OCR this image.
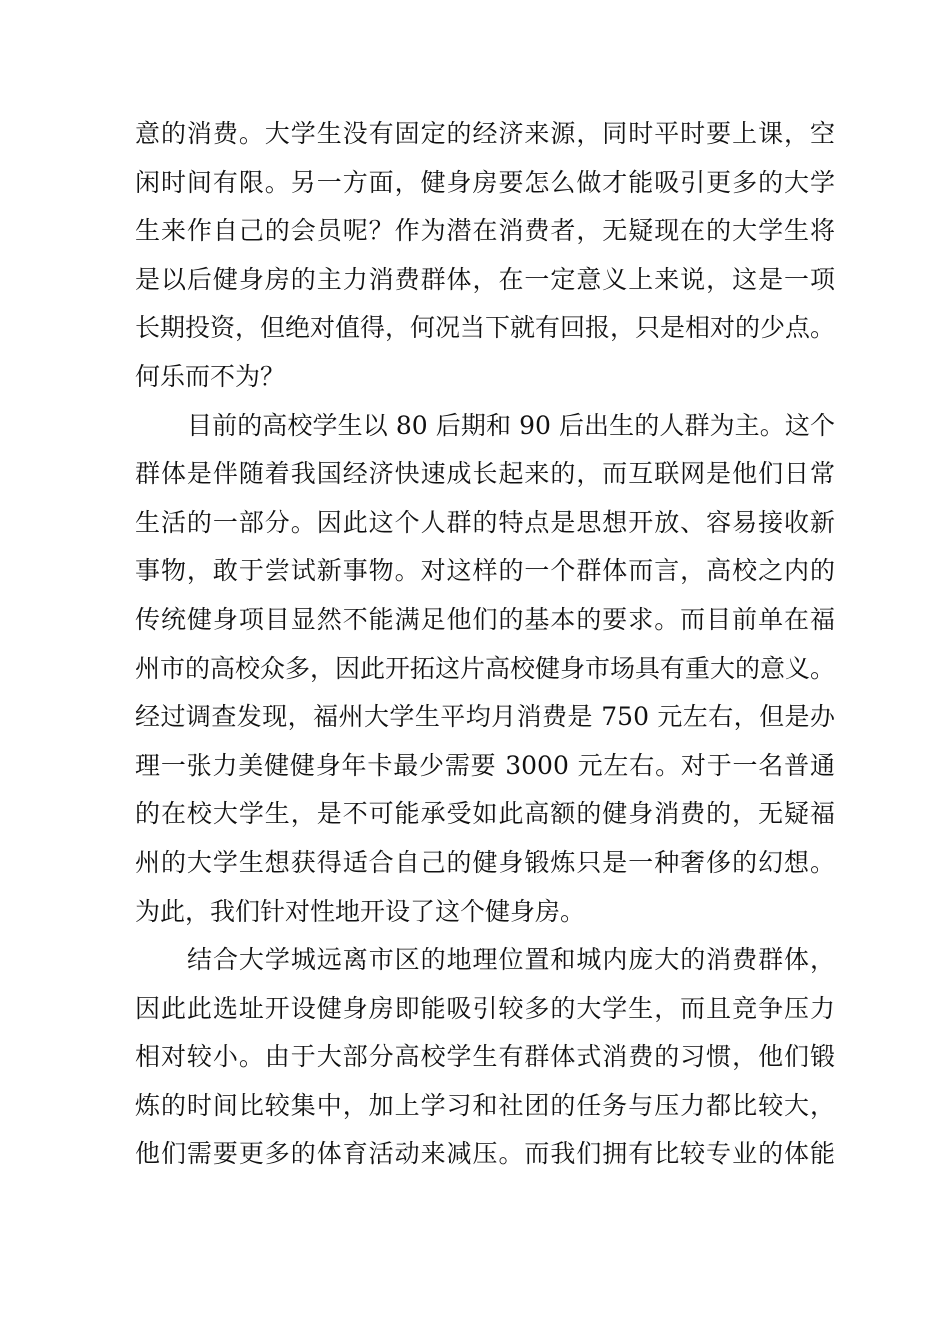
意的消费。大学生没有固定的经济来源，同时平时要上课，空
闲时间有限。另一方面，健身房要怎么做才能吸引更多的大学
生来作自己的会员呢？作为潜在消费者，无疑现在的大学生将
是以后健身房的主力消费群体，在一定意义上来说，这是一项
长期投资，但绝对值得，何况当下就有回报，只是相对的少点。
何乐而不为？
目前的高校学生以 80 后期和 90 后出生的人群为主。这个
群体是伴随着我国经济快速成长起来的，而互联网是他们日常
生活的一部分。因此这个人群的特点是思想开放、容易接收新
事物，敢于尝试新事物。对这样的一个群体而言，高校之内的
传统健身项目显然不能满足他们的基本的要求。而目前单在福
州市的高校众多，因此开拓这片高校健身市场具有重大的意义。
经过调查发现，福州大学生平均月消费是 750 元左右，但是办
理一张力美健健身年卡最少需要 3000 元左右。对于一名普通
的在校大学生，是不可能承受如此高额的健身消费的，无疑福
州的大学生想获得适合自己的健身锻炼只是一种奢侈的幻想。
为此，我们针对性地开设了这个健身房。
结合大学城远离市区的地理位置和城内庞大的消费群体，
因此此选址开设健身房即能吸引较多的大学生，而且竞争压力
相对较小。由于大部分高校学生有群体式消费的习惯，他们锻
炼的时间比较集中，加上学习和社团的任务与压力都比较大，
他们需要更多的体育活动来减压。而我们拥有比较专业的体能
